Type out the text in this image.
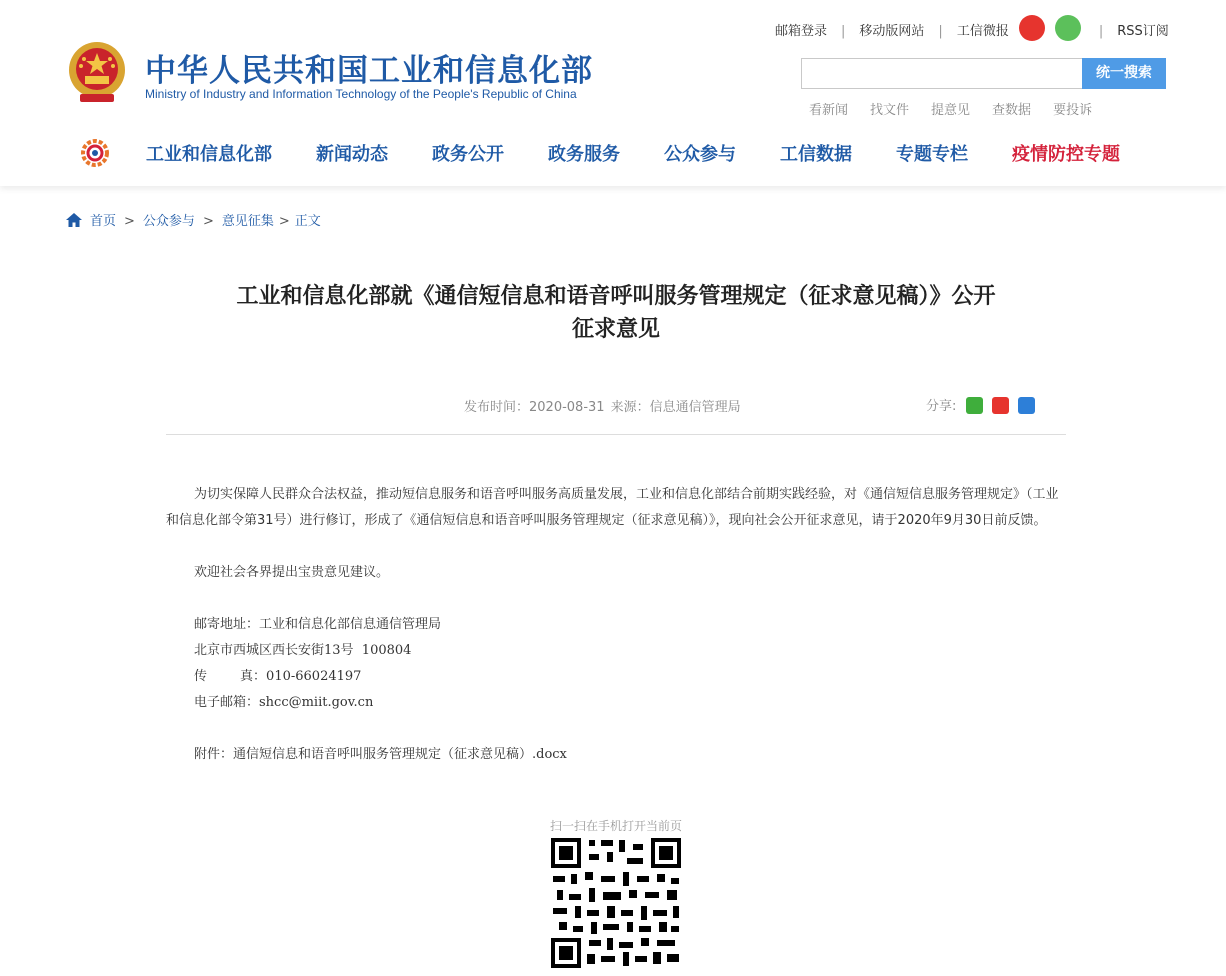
中华人民共和国工业和信息化部
Ministry of Industry and Information Technology of the People's Republic of China
邮箱登录 | 移动版网站 | 工信微报	| RSS订阅
统一搜索
看新闻 找文件 提意见 查数据 要投诉
工业和信息化部 新闻动态 政务公开 政务服务 公众参与 工信数据 专题专栏 疫情防控专题
首页 > 公众参与 > 意见征集 > 正文
工业和信息化部就《通信短信息和语音呼叫服务管理规定（征求意见稿）》公开
征求意见
发布时间：2020-08-31 来源：信息通信管理局	分享:

为切实保障人民群众合法权益，推动短信息服务和语音呼叫服务高质量发展，工业和信息化部结合前期实践经验，对《通信短信息服务管理规定》（工业和信息化部令第31号）进行修订，形成了《通信短信息和语音呼叫服务管理规定（征求意见稿）》，现向社会公开征求意见，请于2020年9月30日前反馈。

欢迎社会各界提出宝贵意见建议。

邮寄地址：工业和信息化部信息通信管理局

北京市西城区西长安街13号  100804

传        真：010-66024197

电子邮箱：shcc@miit.gov.cn

附件：通信短信息和语音呼叫服务管理规定（征求意见稿）.docx

扫一扫在手机打开当前页
